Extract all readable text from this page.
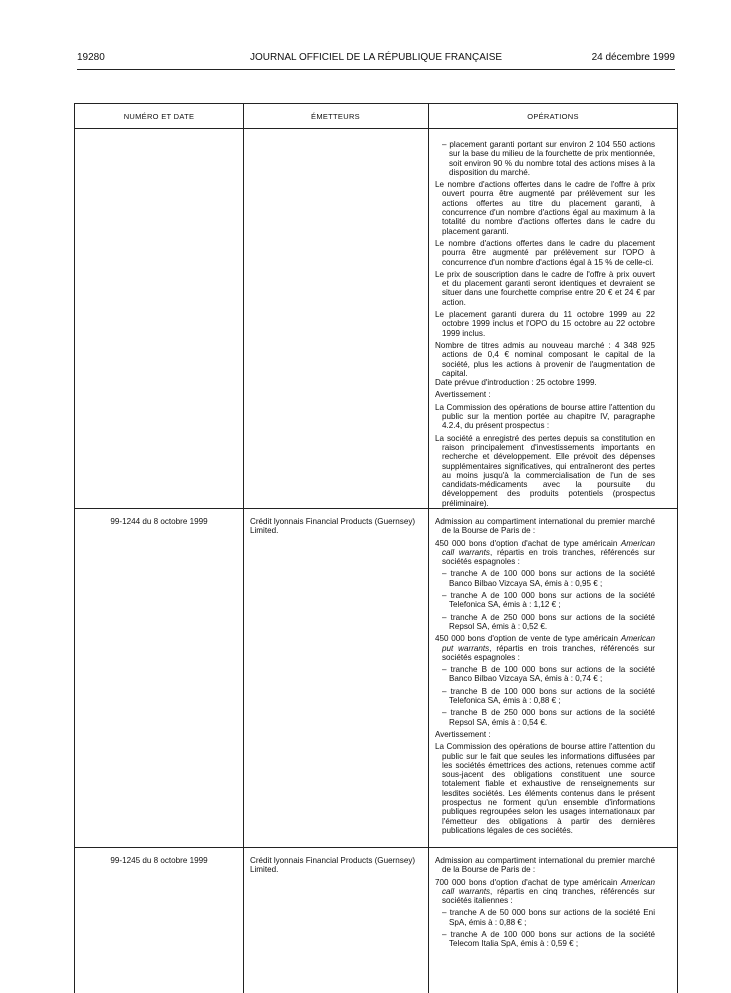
19280	JOURNAL OFFICIEL DE LA RÉPUBLIQUE FRANÇAISE	24 décembre 1999
NUMÉRO ET DATE	ÉMETTEURS	OPÉRATIONS

– placement garanti portant sur environ 2 104 550 actions sur la base du milieu de la fourchette de prix mentionnée, soit environ 90 % du nombre total des actions mises à la disposition du marché.

Le nombre d'actions offertes dans le cadre de l'offre à prix ouvert pourra être augmenté par prélèvement sur les actions offertes au titre du placement garanti, à concurrence d'un nombre d'actions égal au maximum à la totalité du nombre d'actions offertes dans le cadre du placement garanti.

Le nombre d'actions offertes dans le cadre du placement pourra être augmenté par prélèvement sur l'OPO à concurrence d'un nombre d'actions égal à 15 % de celle-ci.

Le prix de souscription dans le cadre de l'offre à prix ouvert et du placement garanti seront identiques et devraient se situer dans une fourchette comprise entre 20 € et 24 € par action.

Le placement garanti durera du 11 octobre 1999 au 22 octobre 1999 inclus et l'OPO du 15 octobre au 22 octobre 1999 inclus.

Nombre de titres admis au nouveau marché : 4 348 925 actions de 0,4 € nominal composant le capital de la société, plus les actions à provenir de l'augmentation de capital.

Date prévue d'introduction : 25 octobre 1999.

Avertissement :

La Commission des opérations de bourse attire l'attention du public sur la mention portée au chapitre IV, paragraphe 4.2.4, du présent prospectus :

La société a enregistré des pertes depuis sa constitution en raison principalement d'investissements importants en recherche et développement. Elle prévoit des dépenses supplémentaires significatives, qui entraîneront des pertes au moins jusqu'à la commercialisation de l'un de ses candidats-médicaments avec la poursuite du développement des produits potentiels (prospectus préliminaire).

99-1244 du 8 octobre 1999	Crédit lyonnais Financial Products (Guernsey) Limited.

Admission au compartiment international du premier marché de la Bourse de Paris de :

450 000 bons d'option d'achat de type américain American call warrants, répartis en trois tranches, référencés sur sociétés espagnoles :

– tranche A de 100 000 bons sur actions de la société Banco Bilbao Vizcaya SA, émis à : 0,95 € ;

– tranche A de 100 000 bons sur actions de la société Telefonica SA, émis à : 1,12 € ;

– tranche A de 250 000 bons sur actions de la société Repsol SA, émis à : 0,52 €.

450 000 bons d'option de vente de type américain American put warrants, répartis en trois tranches, référencés sur sociétés espagnoles :

– tranche B de 100 000 bons sur actions de la société Banco Bilbao Vizcaya SA, émis à : 0,74 € ;

– tranche B de 100 000 bons sur actions de la société Telefonica SA, émis à : 0,88 € ;

– tranche B de 250 000 bons sur actions de la société Repsol SA, émis à : 0,54 €.

Avertissement :

La Commission des opérations de bourse attire l'attention du public sur le fait que seules les informations diffusées par les sociétés émettrices des actions, retenues comme actif sous-jacent des obligations constituent une source totalement fiable et exhaustive de renseignements sur lesdites sociétés. Les éléments contenus dans le présent prospectus ne forment qu'un ensemble d'informations publiques regroupées selon les usages internationaux par l'émetteur des obligations à partir des dernières publications légales de ces sociétés.

99-1245 du 8 octobre 1999	Crédit lyonnais Financial Products (Guernsey) Limited.

Admission au compartiment international du premier marché de la Bourse de Paris de :

700 000 bons d'option d'achat de type américain American call warrants, répartis en cinq tranches, référencés sur sociétés italiennes :

– tranche A de 50 000 bons sur actions de la société Eni SpA, émis à : 0,88 € ;

– tranche A de 100 000 bons sur actions de la société Telecom Italia SpA, émis à : 0,59 € ;
